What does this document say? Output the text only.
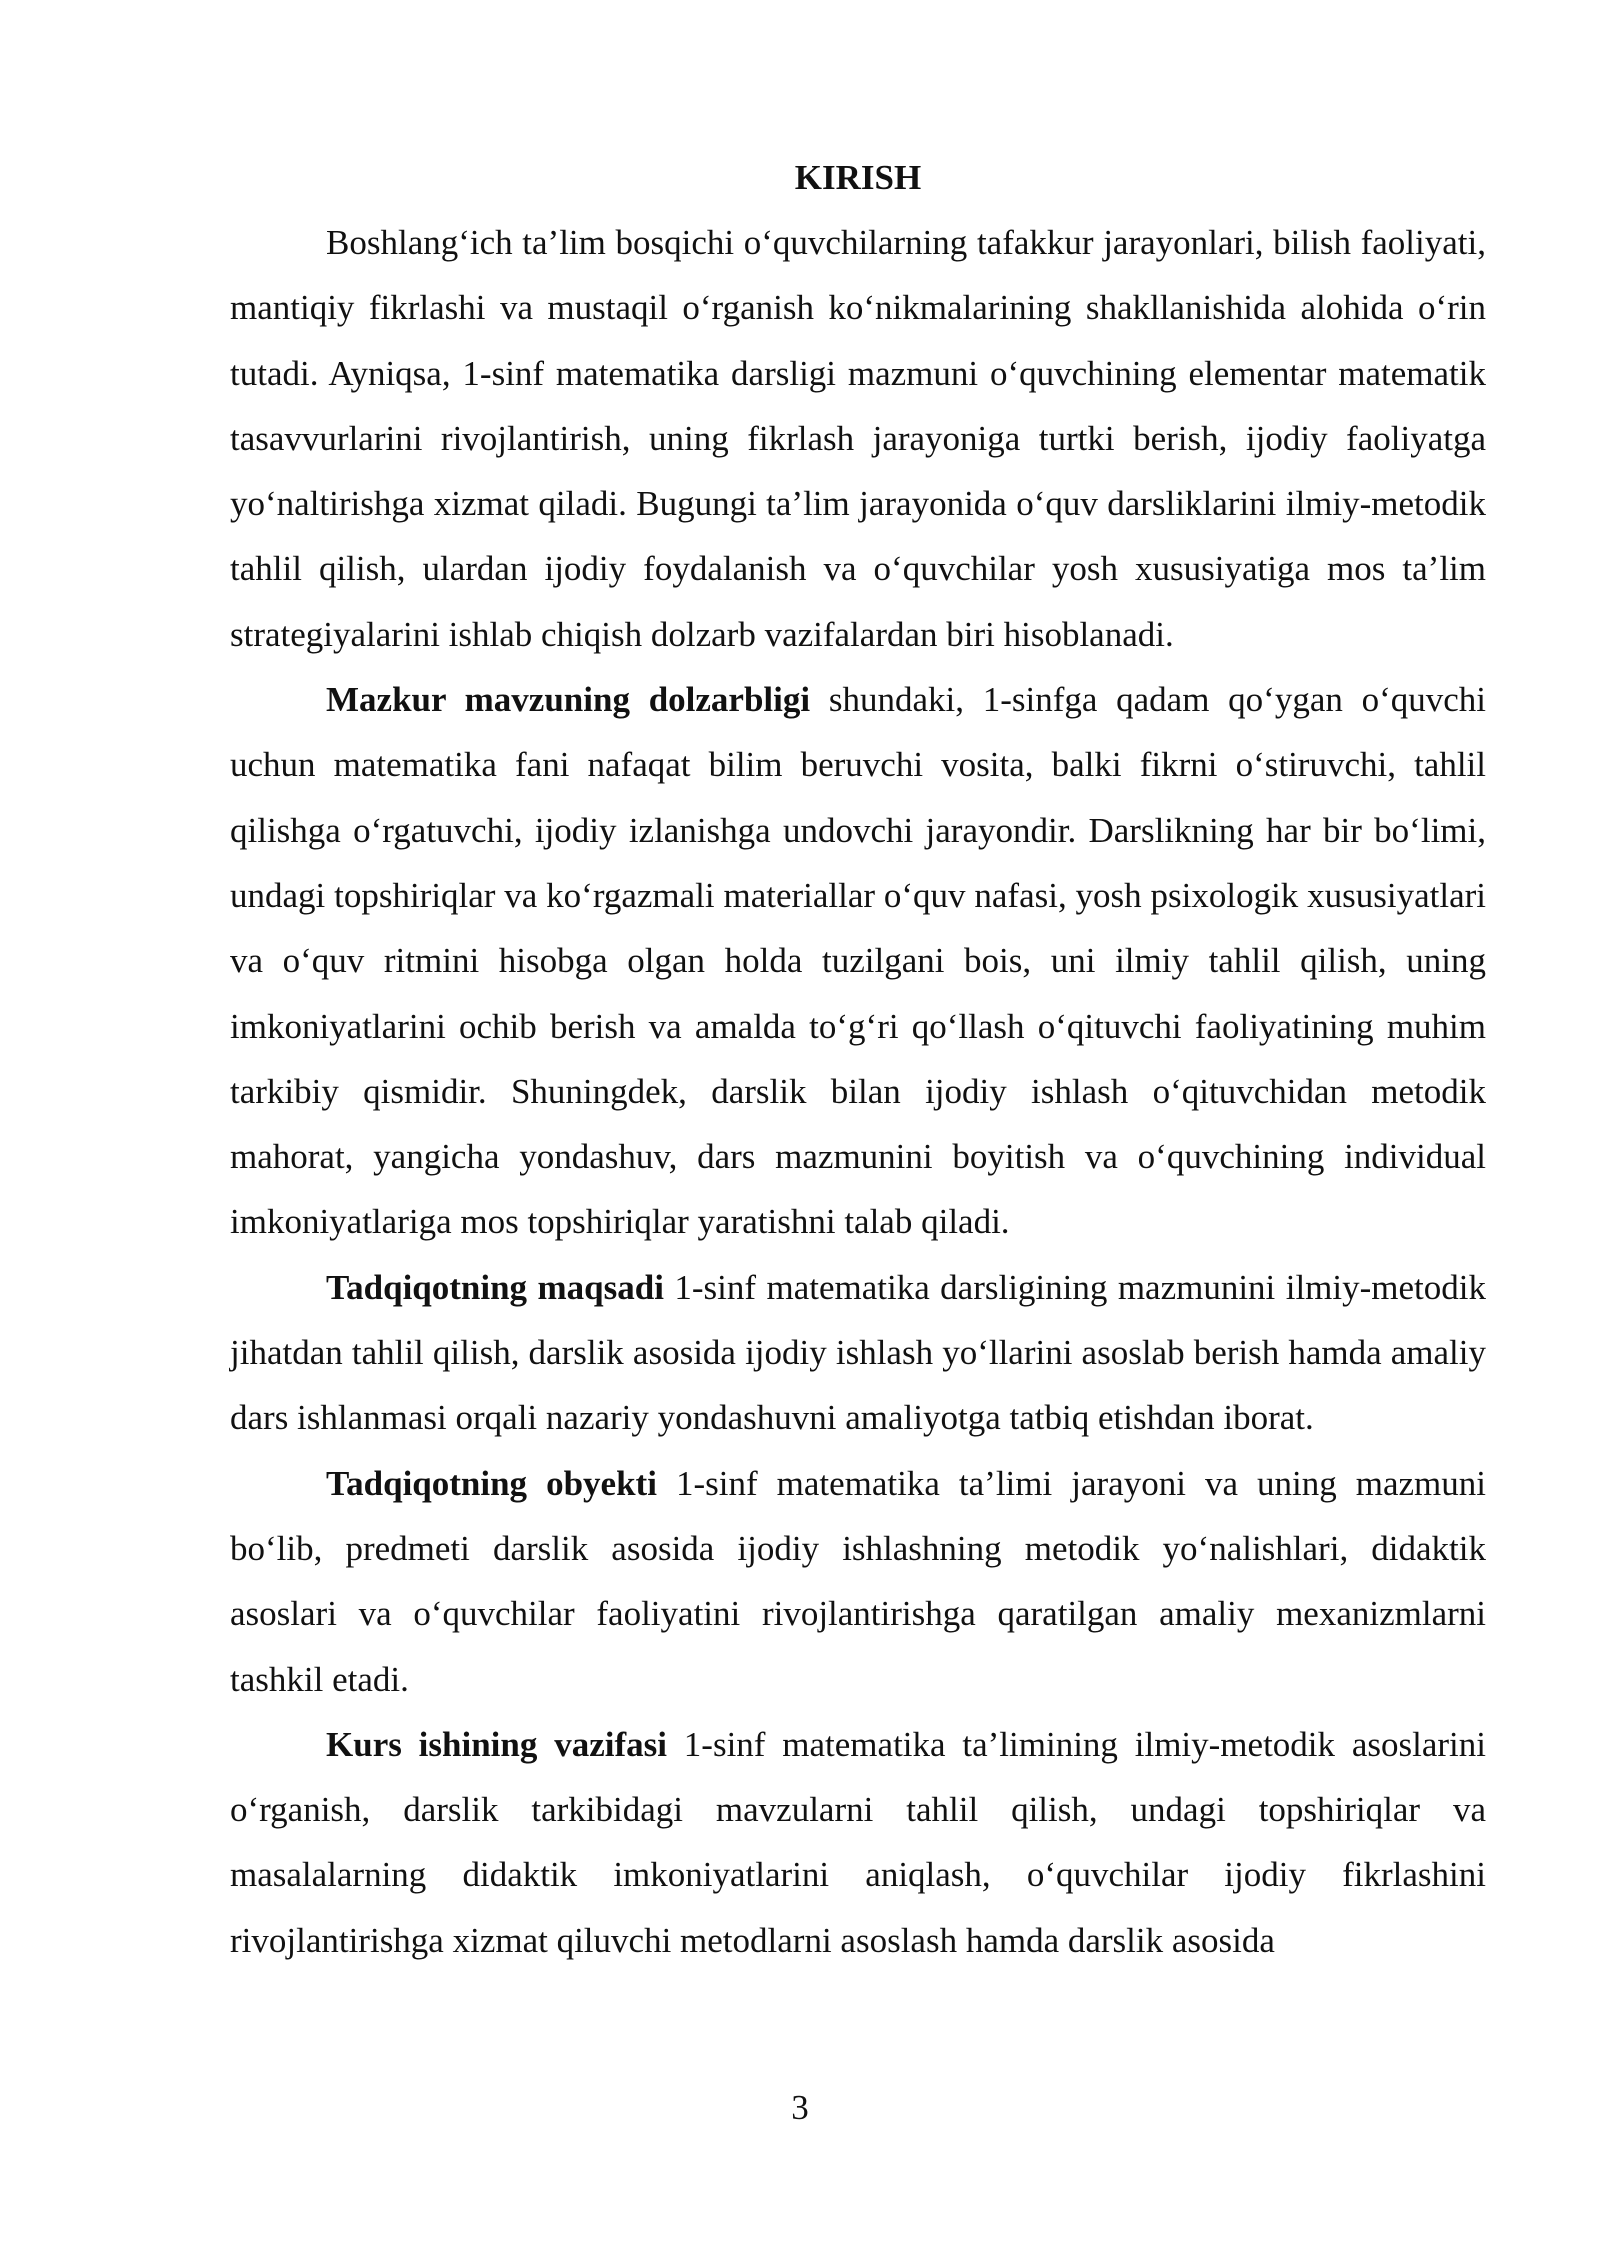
KIRISH

Boshlang‘ich ta’lim bosqichi o‘quvchilarning tafakkur jarayonlari, bilish faoliyati, mantiqiy fikrlashi va mustaqil o‘rganish ko‘nikmalarining shakllanishida alohida o‘rin tutadi. Ayniqsa, 1-sinf matematika darsligi mazmuni o‘quvchining elementar matematik tasavvurlarini rivojlantirish, uning fikrlash jarayoniga turtki berish, ijodiy faoliyatga yo‘naltirishga xizmat qiladi. Bugungi ta’lim jarayonida o‘quv darsliklarini ilmiy-metodik tahlil qilish, ulardan ijodiy foydalanish va o‘quvchilar yosh xususiyatiga mos ta’lim strategiyalarini ishlab chiqish dolzarb vazifalardan biri hisoblanadi.

Mazkur mavzuning dolzarbligi shundaki, 1-sinfga qadam qo‘ygan o‘quvchi uchun matematika fani nafaqat bilim beruvchi vosita, balki fikrni o‘stiruvchi, tahlil qilishga o‘rgatuvchi, ijodiy izlanishga undovchi jarayondir. Darslikning har bir bo‘limi, undagi topshiriqlar va ko‘rgazmali materiallar o‘quv nafasi, yosh psixologik xususiyatlari va o‘quv ritmini hisobga olgan holda tuzilgani bois, uni ilmiy tahlil qilish, uning imkoniyatlarini ochib berish va amalda to‘g‘ri qo‘llash o‘qituvchi faoliyatining muhim tarkibiy qismidir. Shuningdek, darslik bilan ijodiy ishlash o‘qituvchidan metodik mahorat, yangicha yondashuv, dars mazmunini boyitish va o‘quvchining individual imkoniyatlariga mos topshiriqlar yaratishni talab qiladi.

Tadqiqotning maqsadi 1-sinf matematika darsligining mazmunini ilmiy-metodik jihatdan tahlil qilish, darslik asosida ijodiy ishlash yo‘llarini asoslab berish hamda amaliy dars ishlanmasi orqali nazariy yondashuvni amaliyotga tatbiq etishdan iborat.

Tadqiqotning obyekti 1-sinf matematika ta’limi jarayoni va uning mazmuni bo‘lib, predmeti darslik asosida ijodiy ishlashning metodik yo‘nalishlari, didaktik asoslari va o‘quvchilar faoliyatini rivojlantirishga qaratilgan amaliy mexanizmlarni tashkil etadi.

Kurs ishining vazifasi 1-sinf matematika ta’limining ilmiy-metodik asoslarini o‘rganish, darslik tarkibidagi mavzularni tahlil qilish, undagi topshiriqlar va masalalarning didaktik imkoniyatlarini aniqlash, o‘quvchilar ijodiy fikrlashini rivojlantirishga xizmat qiluvchi metodlarni asoslash hamda darslik asosida

3
